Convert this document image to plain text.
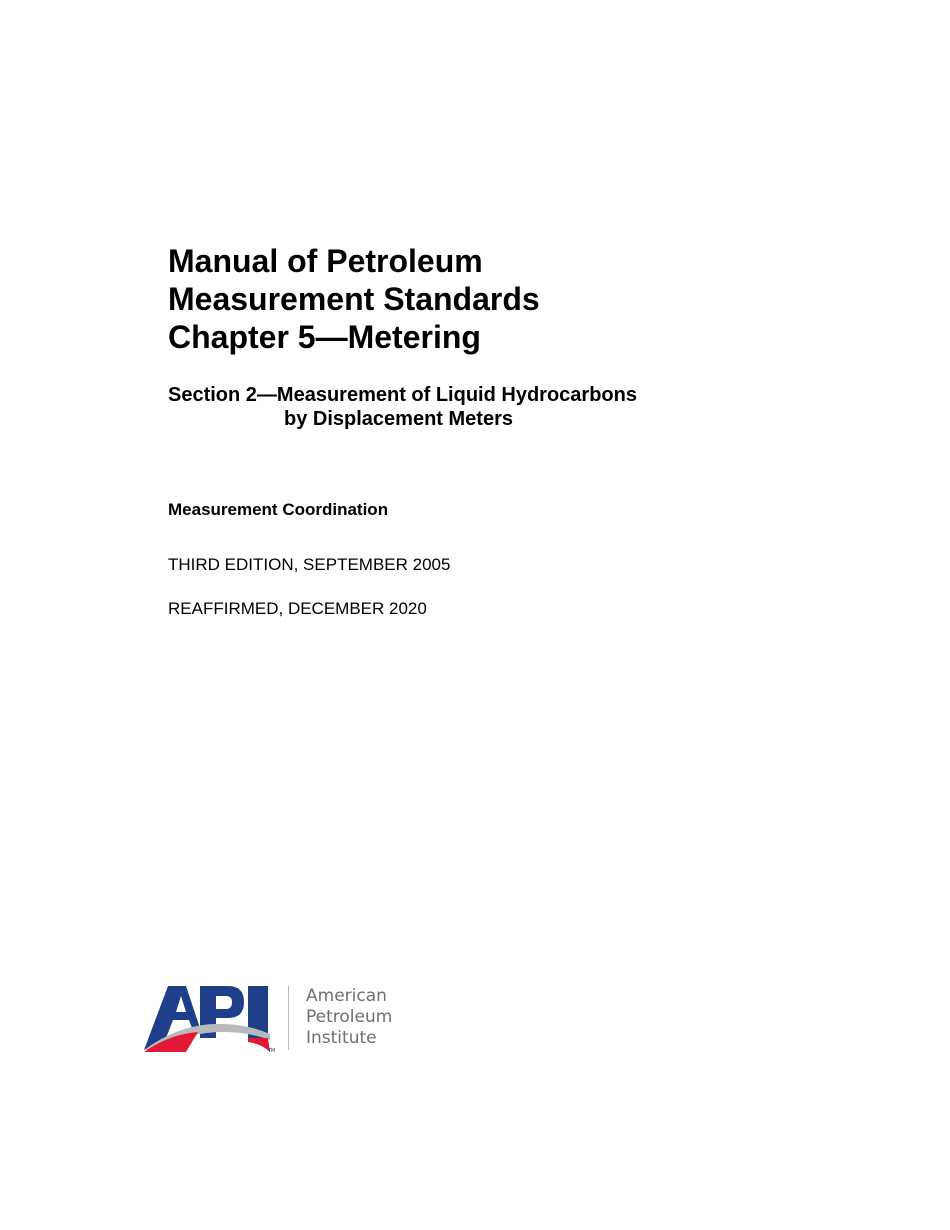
Manual of Petroleum
Measurement Standards
Chapter 5—Metering
Section 2—Measurement of Liquid Hydrocarbons
by Displacement Meters
Measurement Coordination
THIRD EDITION, SEPTEMBER 2005
REAFFIRMED, DECEMBER 2020
TM
American
Petroleum
Institute
